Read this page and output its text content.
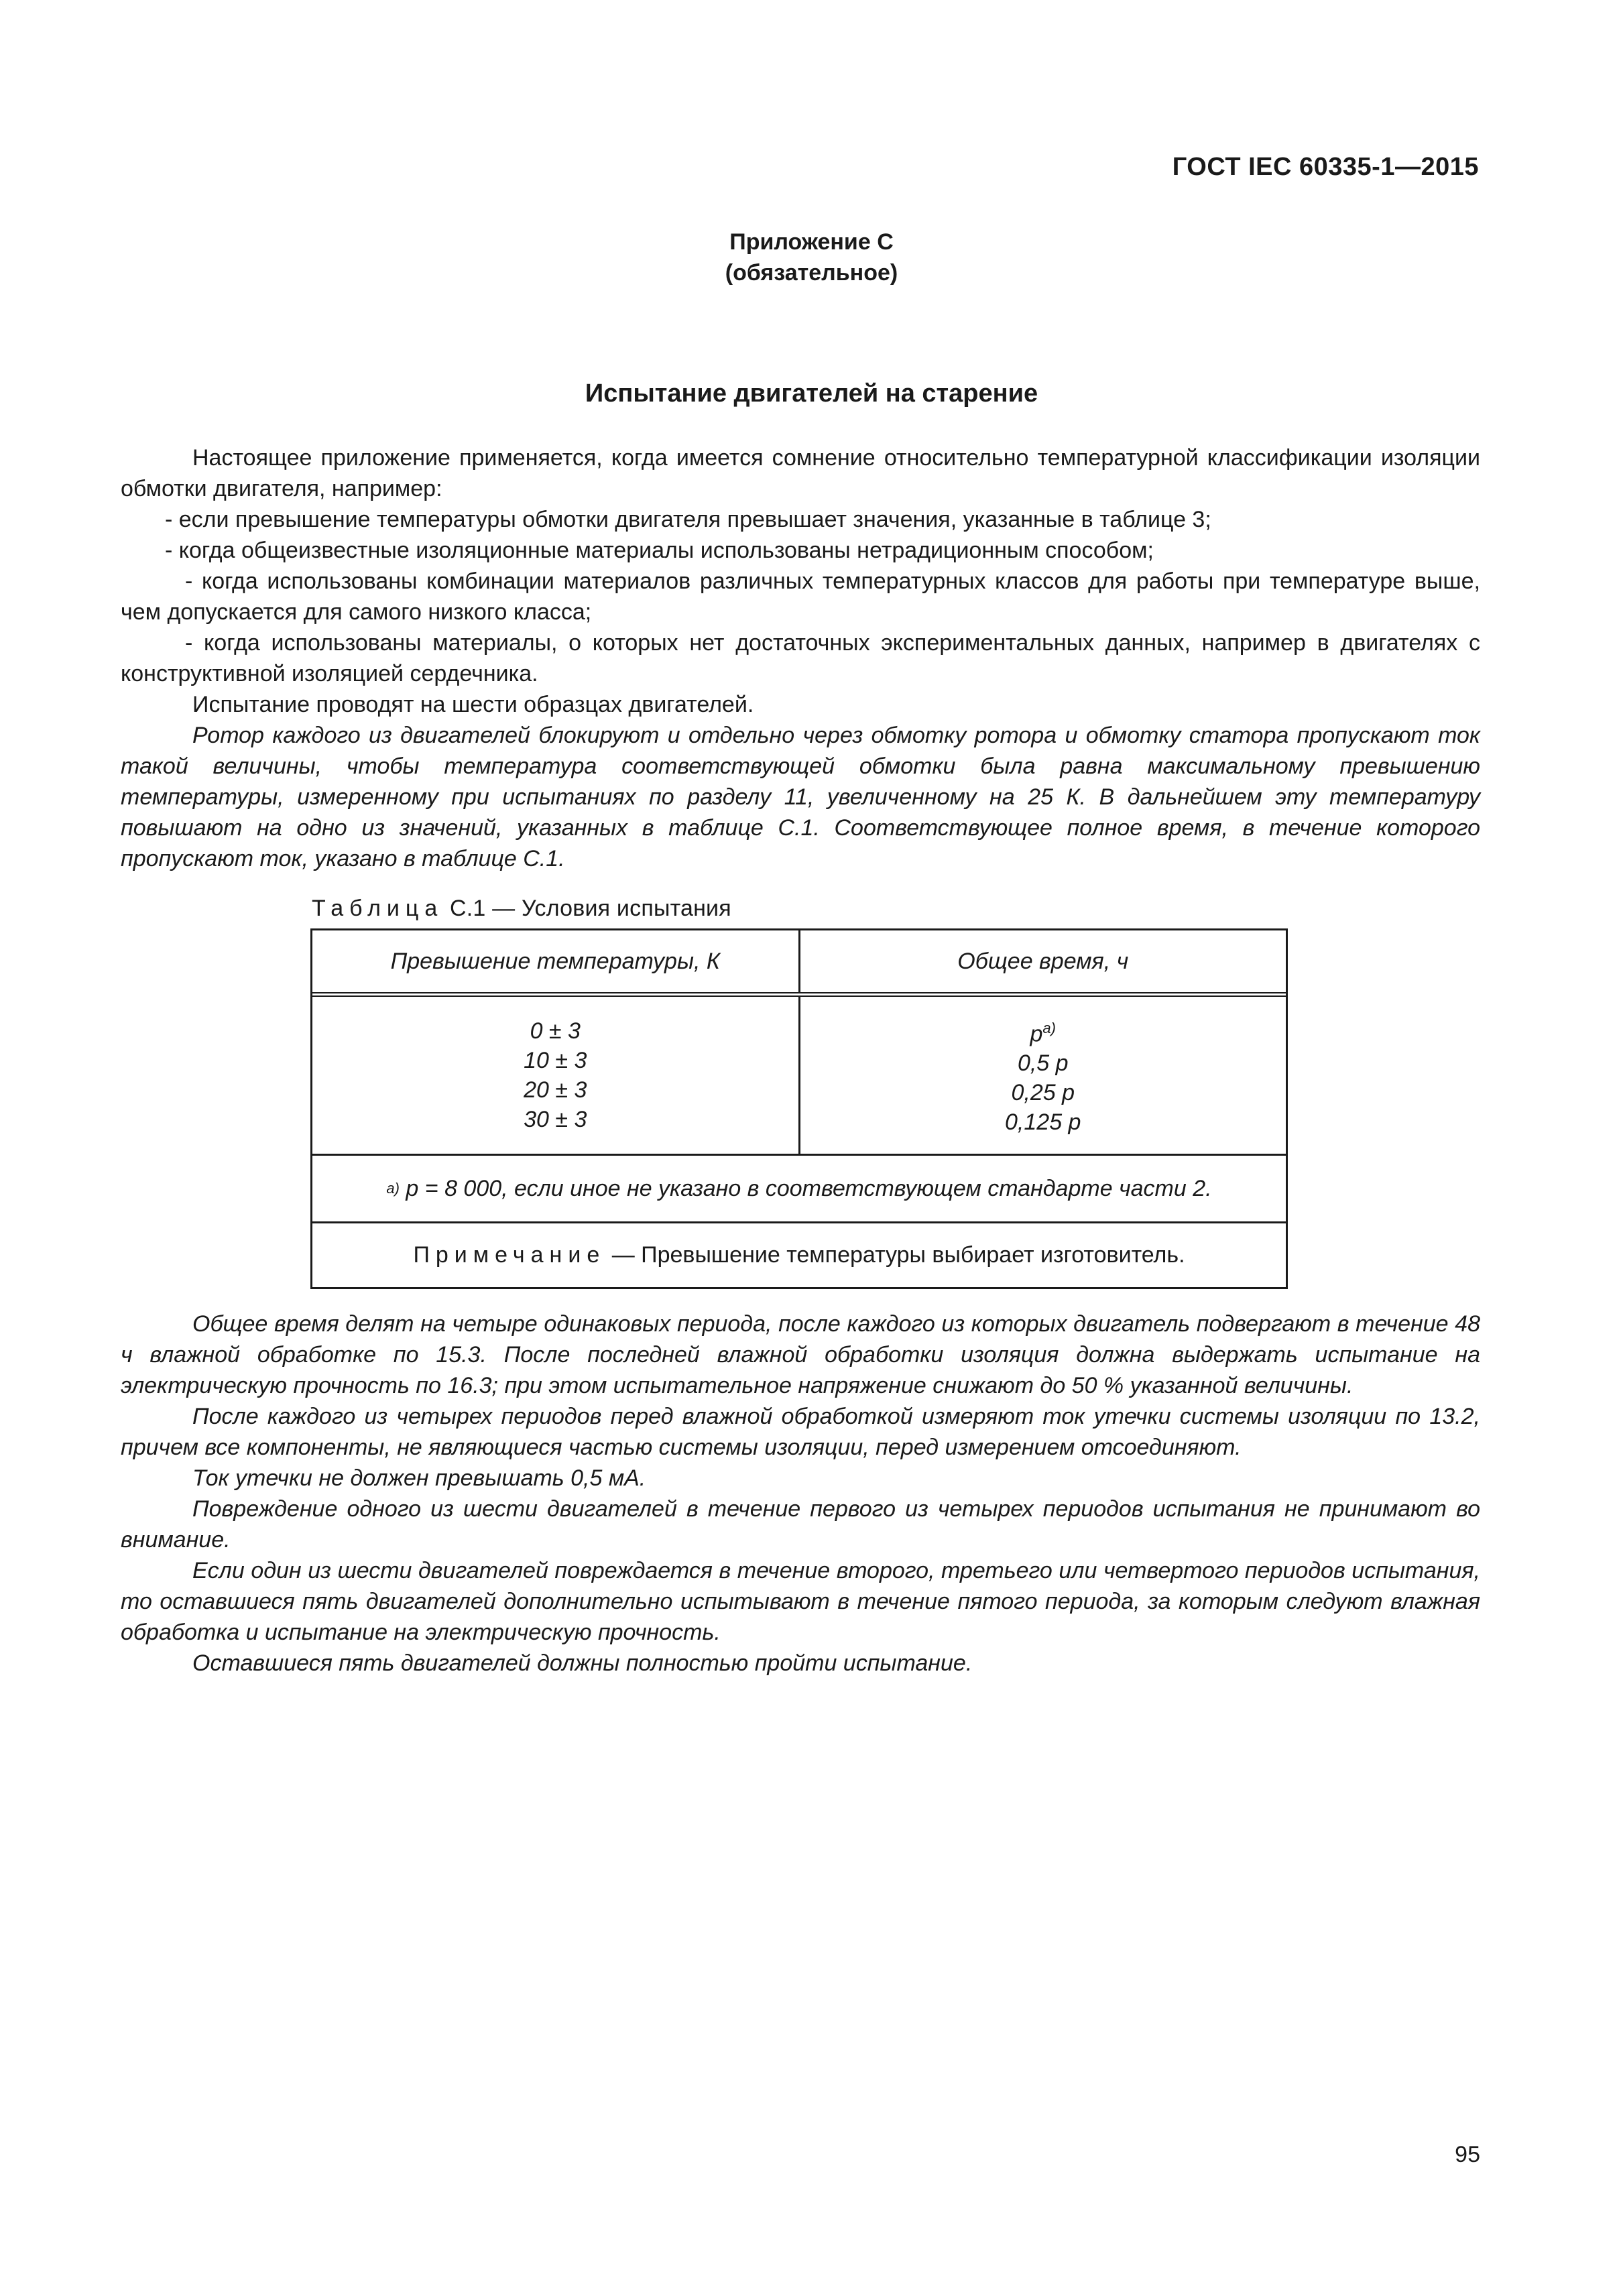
ГОСТ IEC 60335-1—2015
Приложение С
(обязательное)
Испытание двигателей на старение
Настоящее приложение применяется, когда имеется сомнение относительно температурной классификации изоляции обмотки двигателя, например:
- если превышение температуры обмотки двигателя превышает значения, указанные в таблице 3;
- когда общеизвестные изоляционные материалы использованы нетрадиционным способом;
- когда использованы комбинации материалов различных температурных классов для работы при температуре выше, чем допускается для самого низкого класса;
- когда использованы материалы, о которых нет достаточных экспериментальных данных, например в двигателях с конструктивной изоляцией сердечника.
Испытание проводят на шести образцах двигателей.
Ротор каждого из двигателей блокируют и отдельно через обмотку ротора и обмотку статора пропускают ток такой величины, чтобы температура соответствующей обмотки была равна максимальному превышению температуры, измеренному при испытаниях по разделу 11, увеличенному на 25 К. В дальнейшем эту температуру повышают на одно из значений, указанных в таблице С.1. Соответствующее полное время, в течение которого пропускают ток, указано в таблице С.1.
Таблица С.1 — Условия испытания
Превышение температуры, К	Общее время, ч
0 ± 3
10 ± 3
20 ± 3
30 ± 3
$р^{а)}$
0,5 р
0,25 р
0,125 р
а)
р = 8 000, если иное не указано в соответствующем стандарте части 2.
Примечание
— Превышение температуры выбирает изготовитель.
Общее время делят на четыре одинаковых периода, после каждого из которых двигатель подвергают в течение 48 ч влажной обработке по 15.3. После последней влажной обработки изоляция должна выдержать испытание на электрическую прочность по 16.3; при этом испытательное напряжение снижают до 50 % указанной величины.
После каждого из четырех периодов перед влажной обработкой измеряют ток утечки системы изоляции по 13.2, причем все компоненты, не являющиеся частью системы изоляции, перед измерением отсоединяют.
Ток утечки не должен превышать 0,5 мА.
Повреждение одного из шести двигателей в течение первого из четырех периодов испытания не принимают во внимание.
Если один из шести двигателей повреждается в течение второго, третьего или четвертого периодов испытания, то оставшиеся пять двигателей дополнительно испытывают в течение пятого периода, за которым следуют влажная обработка и испытание на электрическую прочность.
Оставшиеся пять двигателей должны полностью пройти испытание.
95
